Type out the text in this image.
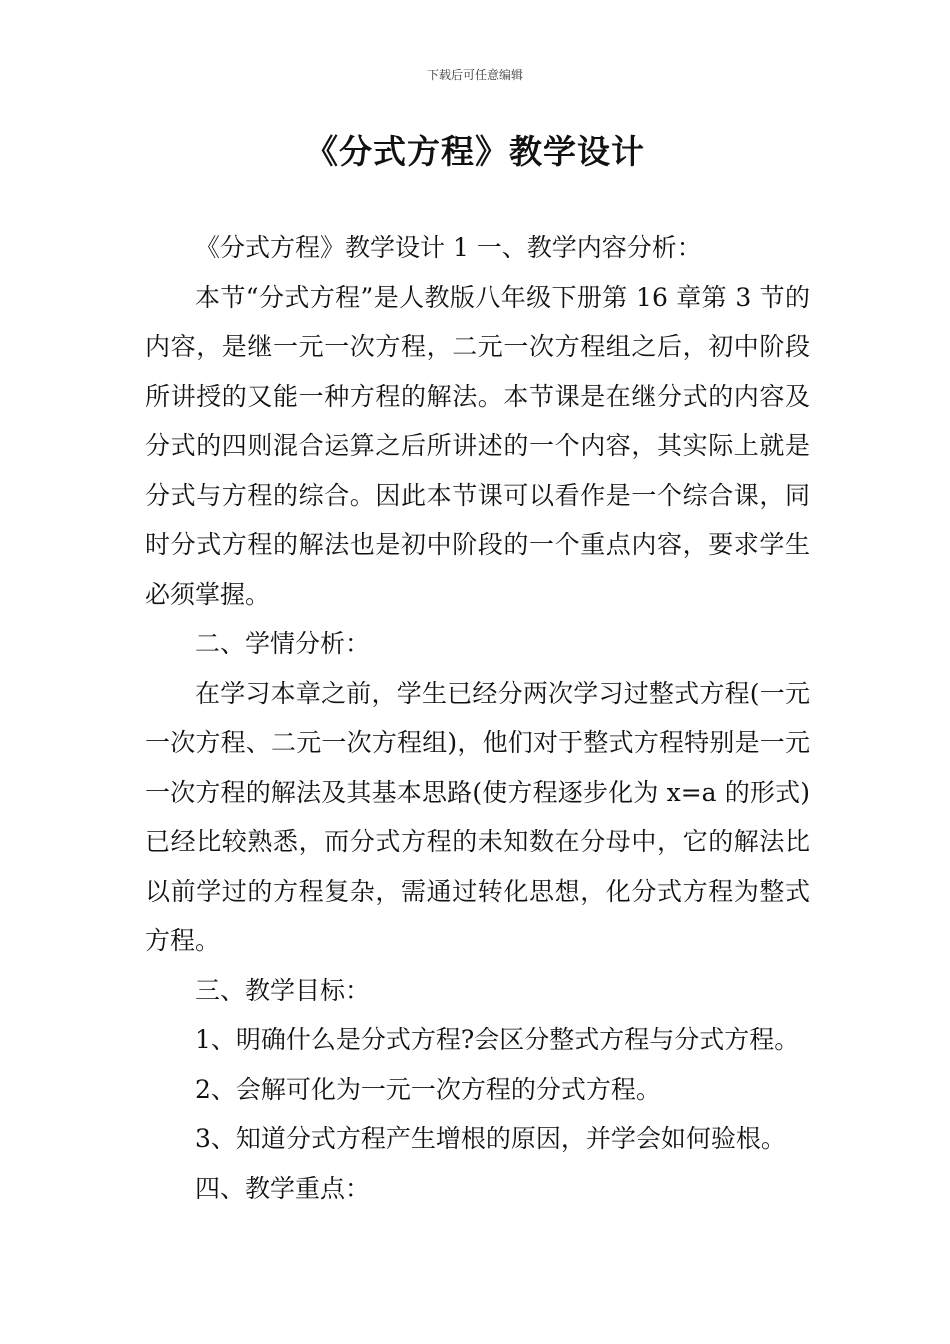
下载后可任意编辑
《分式方程》教学设计

《分式方程》教学设计 1 一、教学内容分析：

本节“分式方程”是人教版八年级下册第 16 章第 3 节的内容，是继一元一次方程，二元一次方程组之后，初中阶段所讲授的又能一种方程的解法。本节课是在继分式的内容及分式的四则混合运算之后所讲述的一个内容，其实际上就是分式与方程的综合。因此本节课可以看作是一个综合课，同时分式方程的解法也是初中阶段的一个重点内容，要求学生必须掌握。

二、学情分析：

在学习本章之前，学生已经分两次学习过整式方程(一元一次方程、二元一次方程组)，他们对于整式方程特别是一元一次方程的解法及其基本思路(使方程逐步化为 x=a 的形式)已经比较熟悉，而分式方程的未知数在分母中，它的解法比以前学过的方程复杂，需通过转化思想，化分式方程为整式方程。

三、教学目标：

1、明确什么是分式方程?会区分整式方程与分式方程。

2、会解可化为一元一次方程的分式方程。

3、知道分式方程产生增根的原因，并学会如何验根。

四、教学重点：
